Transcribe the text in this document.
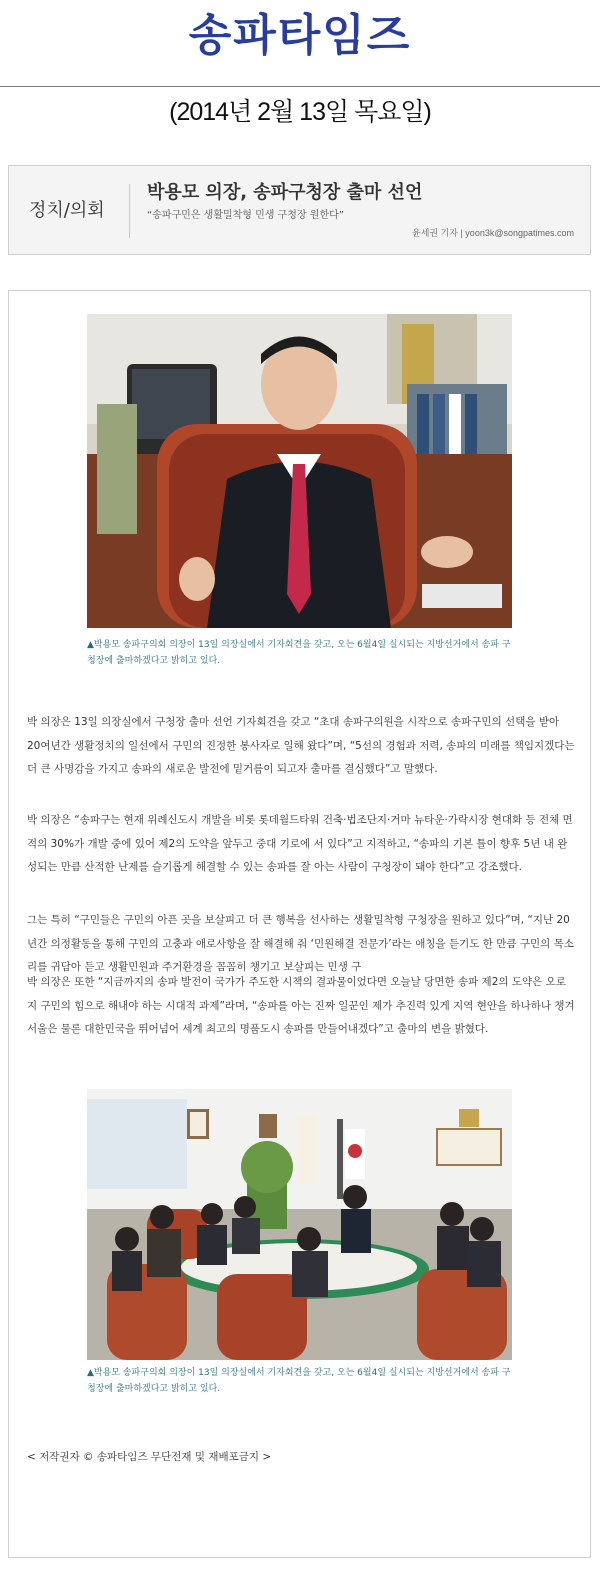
송파타임즈
(2014년 2월 13일 목요일)
정치/의회
박용모 의장, 송파구청장 출마 선언
“송파구민은 생활밀착형 민생 구청장 원한다”
윤세권 기자 | yoon3k@songpatimes.com
▲박용모 송파구의회 의장이 13일 의장실에서 기자회견을 갖고, 오는 6월4일 실시되는 지방선거에서 송파 구청장에 출마하겠다고 밝히고 있다.

박 의장은 13일 의장실에서 구청장 출마 선언 기자회견을 갖고 “초대 송파구의원을 시작으로 송파구민의 선택을 받아 20여년간 생활정치의 일선에서 구민의 진정한 봉사자로 일해 왔다”며, “5선의 경험과 저력, 송파의 미래를 책임지겠다는 더 큰 사명감을 가지고 송파의 새로운 발전에 밑거름이 되고자 출마를 결심했다”고 말했다.

박 의장은 “송파구는 현재 위례신도시 개발을 비롯 롯데월드타워 건축·법조단지·거마 뉴타운·가락시장 현대화 등 전체 면적의 30%가 개발 중에 있어 제2의 도약을 앞두고 중대 기로에 서 있다”고 지적하고, “송파의 기본 틀이 향후 5년 내 완성되는 만큼 산적한 난제를 슬기롭게 해결할 수 있는 송파를 잘 아는 사람이 구청장이 돼야 한다”고 강조했다.

그는 특히 “구민들은 구민의 아픈 곳을 보살피고 더 큰 행복을 선사하는 생활밀착형 구청장을 원하고 있다”며, “지난 20년간 의정활동을 통해 구민의 고충과 애로사항을 잘 해결해 줘 ‘민원해결 전문가’라는 애칭을 듣기도 한 만큼 구민의 목소리를 귀담아 듣고 생활민원과 주거환경을 꼼꼼히 챙기고 보살피는 민생 구

박 의장은 또한 “지금까지의 송파 발전이 국가가 주도한 시책의 결과물이었다면 오늘날 당면한 송파 제2의 도약은 오로지 구민의 힘으로 해내야 하는 시대적 과제”라며, “송파를 아는 진짜 일꾼인 제가 추진력 있게 지역 현안을 하나하나 챙겨 서울은 물론 대한민국을 뛰어넘어 세계 최고의 명품도시 송파를 만들어내겠다”고 출마의 변을 밝혔다.

▲박용모 송파구의회 의장이 13일 의장실에서 기자회견을 갖고, 오는 6월4일 실시되는 지방선거에서 송파 구청장에 출마하겠다고 밝히고 있다.
< 저작권자 © 송파타임즈 무단전재 및 재배포금지 >
